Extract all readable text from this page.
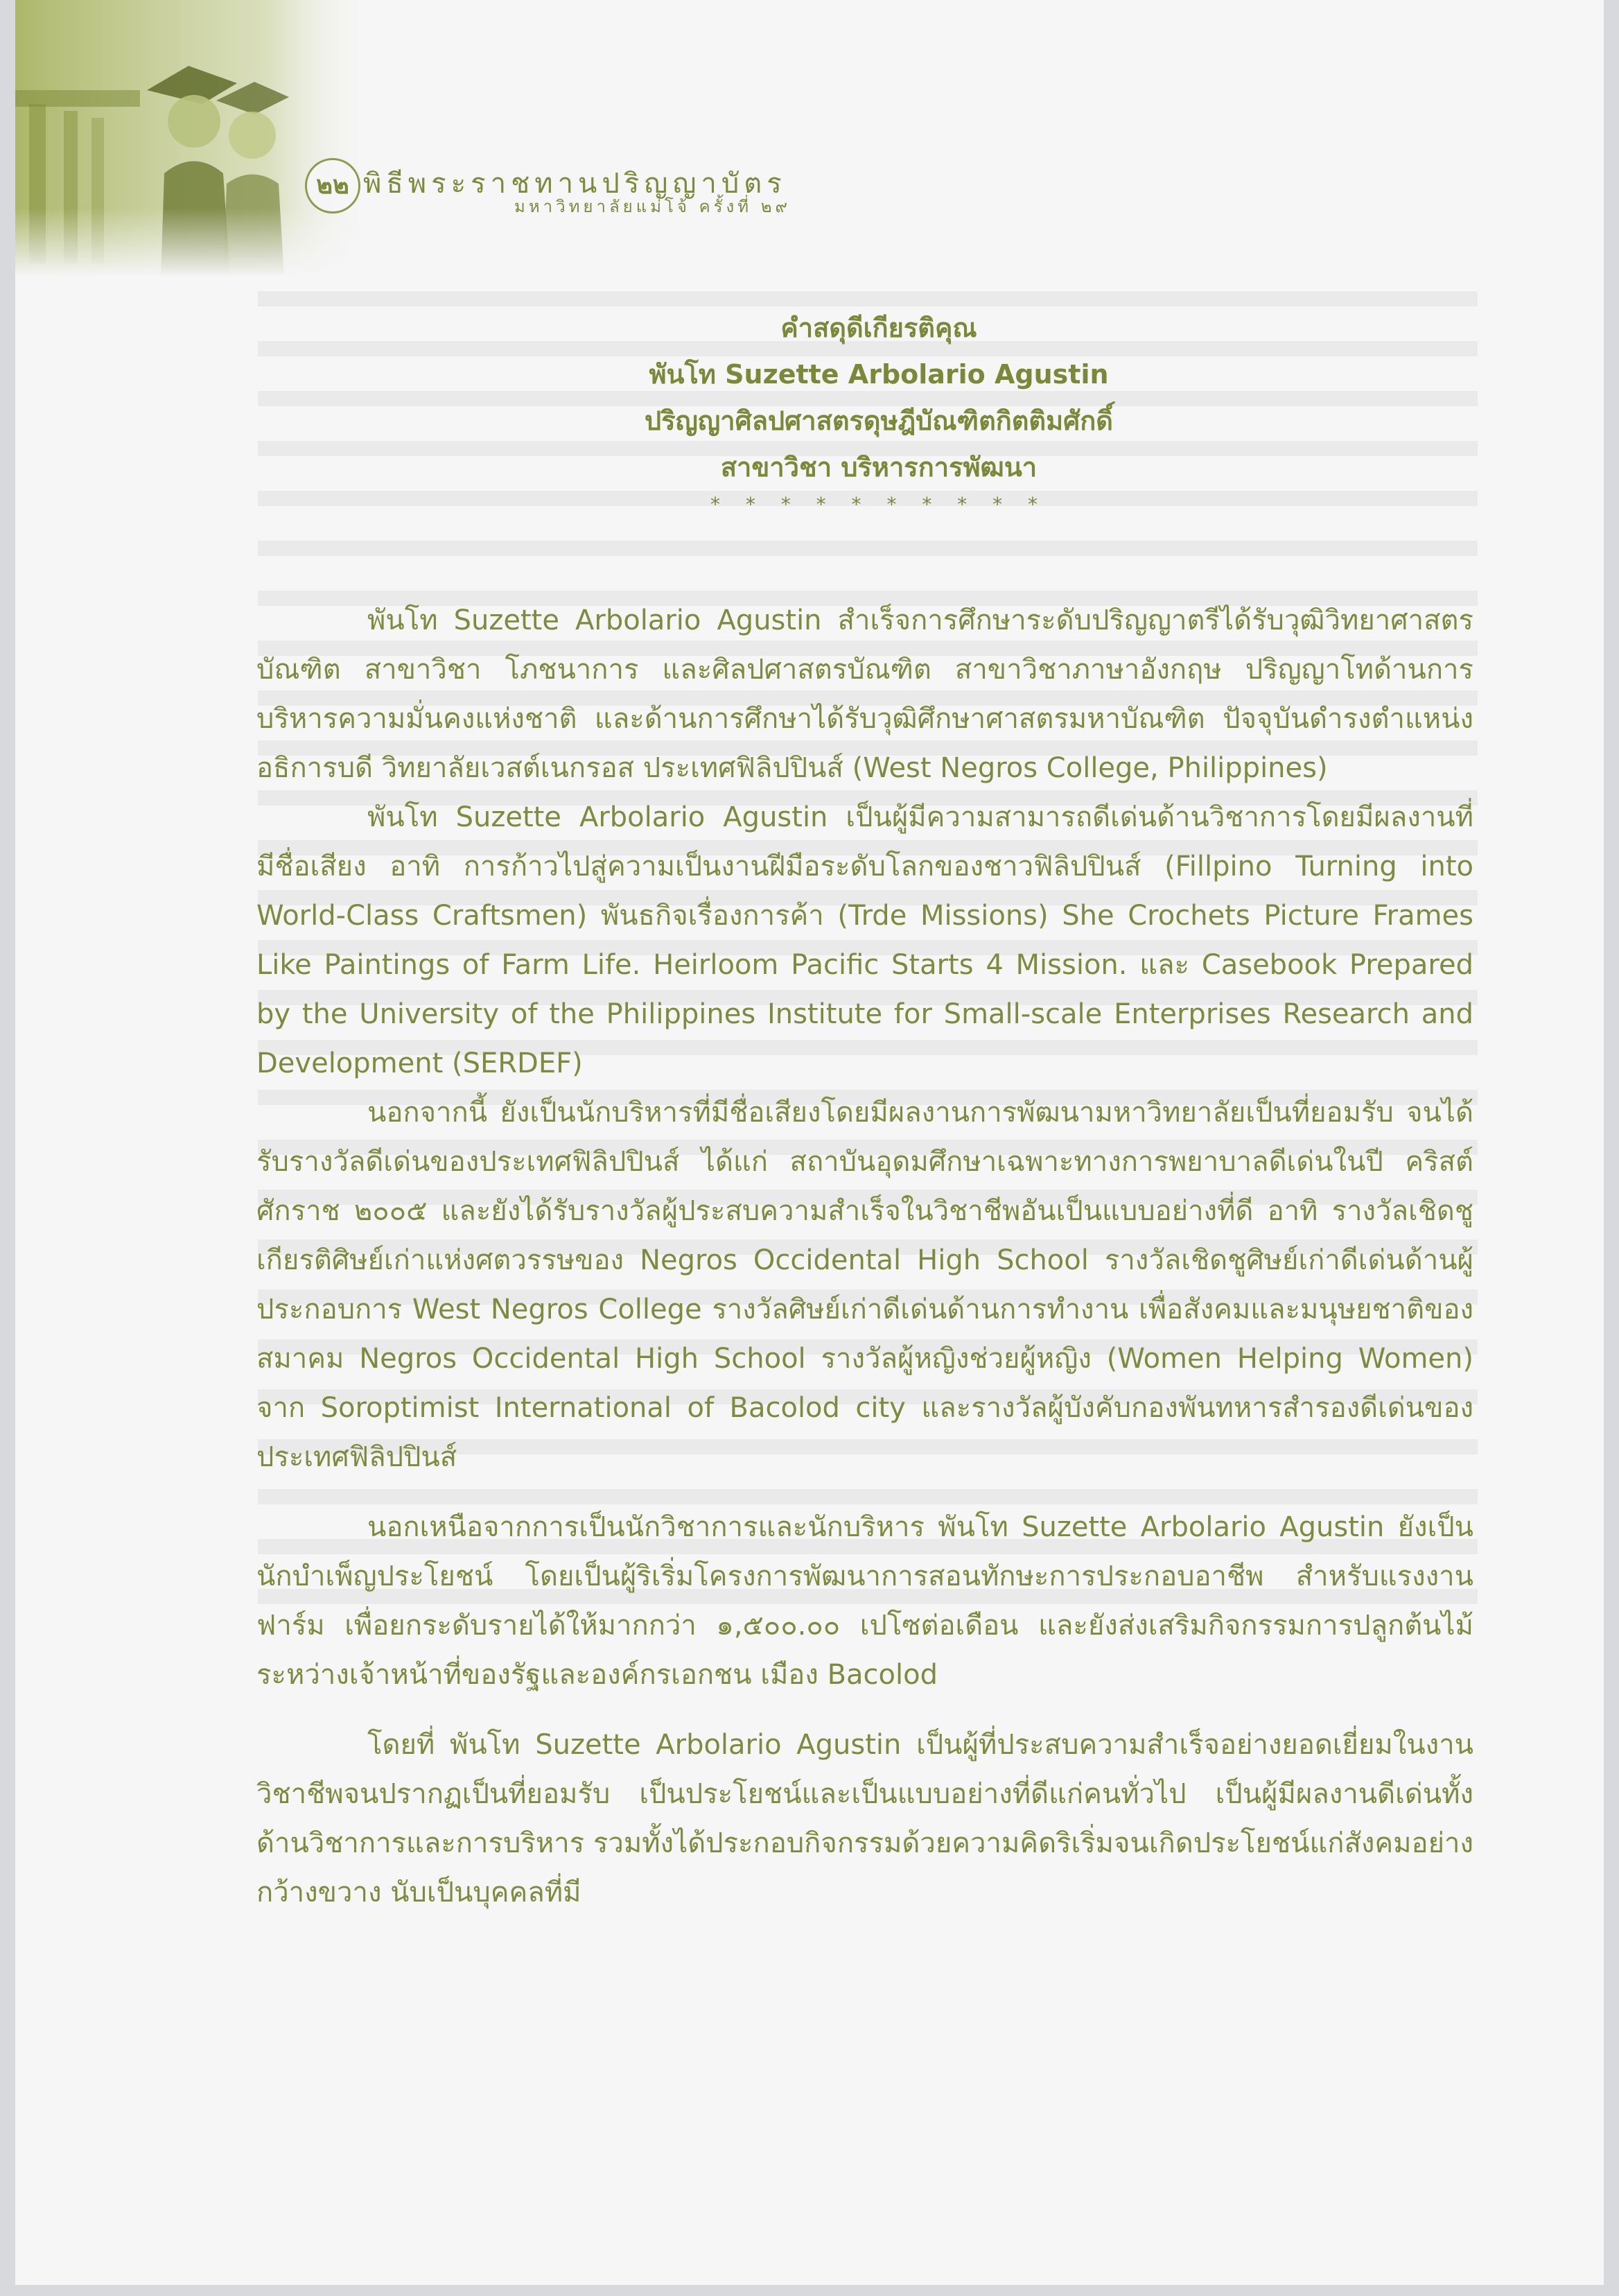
๒๒ พิธีพระราชทานปริญญาบัตร
มหาวิทยาลัยแม่โจ้ ครั้งที่ ๒๙
คำสดุดีเกียรติคุณ
พันโท Suzette Arbolario Agustin
ปริญญาศิลปศาสตรดุษฎีบัณฑิตกิตติมศักดิ์
สาขาวิชา บริหารการพัฒนา
* * * * * * * * * *

พันโท Suzette Arbolario Agustin สำเร็จการศึกษาระดับปริญญาตรีได้รับวุฒิวิทยาศาสตรบัณฑิต สาขาวิชา โภชนาการ และศิลปศาสตรบัณฑิต สาขาวิชาภาษาอังกฤษ ปริญญาโทด้านการบริหารความมั่นคงแห่งชาติ และด้านการศึกษาได้รับวุฒิศึกษาศาสตรมหาบัณฑิต ปัจจุบันดำรงตำแหน่งอธิการบดี วิทยาลัยเวสต์เนกรอส ประเทศฟิลิปปินส์ (West Negros College, Philippines)

พันโท Suzette Arbolario Agustin เป็นผู้มีความสามารถดีเด่นด้านวิชาการโดยมีผลงานที่มีชื่อเสียง อาทิ การก้าวไปสู่ความเป็นงานฝีมือระดับโลกของชาวฟิลิปปินส์ (Fillpino Turning into World-Class Craftsmen) พันธกิจเรื่องการค้า (Trde Missions) She Crochets Picture Frames Like Paintings of Farm Life. Heirloom Pacific Starts 4 Mission. และ Casebook Prepared by the University of the Philippines Institute for Small-scale Enterprises Research and Development (SERDEF)

นอกจากนี้ ยังเป็นนักบริหารที่มีชื่อเสียงโดยมีผลงานการพัฒนามหาวิทยาลัยเป็นที่ยอมรับ จนได้รับรางวัลดีเด่นของประเทศฟิลิปปินส์ ได้แก่ สถาบันอุดมศึกษาเฉพาะทางการพยาบาลดีเด่นในปี คริสต์ศักราช ๒๐๐๕ และยังได้รับรางวัลผู้ประสบความสำเร็จในวิชาชีพอันเป็นแบบอย่างที่ดี อาทิ รางวัลเชิดชูเกียรติศิษย์เก่าแห่งศตวรรษของ Negros Occidental High School รางวัลเชิดชูศิษย์เก่าดีเด่นด้านผู้ประกอบการ West Negros College รางวัลศิษย์เก่าดีเด่นด้านการทำงาน เพื่อสังคมและมนุษยชาติของสมาคม Negros Occidental High School รางวัลผู้หญิงช่วยผู้หญิง (Women Helping Women) จาก Soroptimist International of Bacolod city และรางวัลผู้บังคับกองพันทหารสำรองดีเด่นของประเทศฟิลิปปินส์

นอกเหนือจากการเป็นนักวิชาการและนักบริหาร พันโท Suzette Arbolario Agustin ยังเป็นนักบำเพ็ญประโยชน์ โดยเป็นผู้ริเริ่มโครงการพัฒนาการสอนทักษะการประกอบอาชีพ สำหรับแรงงานฟาร์ม เพื่อยกระดับรายได้ให้มากกว่า ๑,๕๐๐.๐๐ เปโซต่อเดือน และยังส่งเสริมกิจกรรมการปลูกต้นไม้ระหว่างเจ้าหน้าที่ของรัฐและองค์กรเอกชน เมือง Bacolod

โดยที่ พันโท Suzette Arbolario Agustin เป็นผู้ที่ประสบความสำเร็จอย่างยอดเยี่ยมในงานวิชาชีพจนปรากฏเป็นที่ยอมรับ เป็นประโยชน์และเป็นแบบอย่างที่ดีแก่คนทั่วไป เป็นผู้มีผลงานดีเด่นทั้งด้านวิชาการและการบริหาร รวมทั้งได้ประกอบกิจกรรมด้วยความคิดริเริ่มจนเกิดประโยชน์แก่สังคมอย่างกว้างขวาง นับเป็นบุคคลที่มี
